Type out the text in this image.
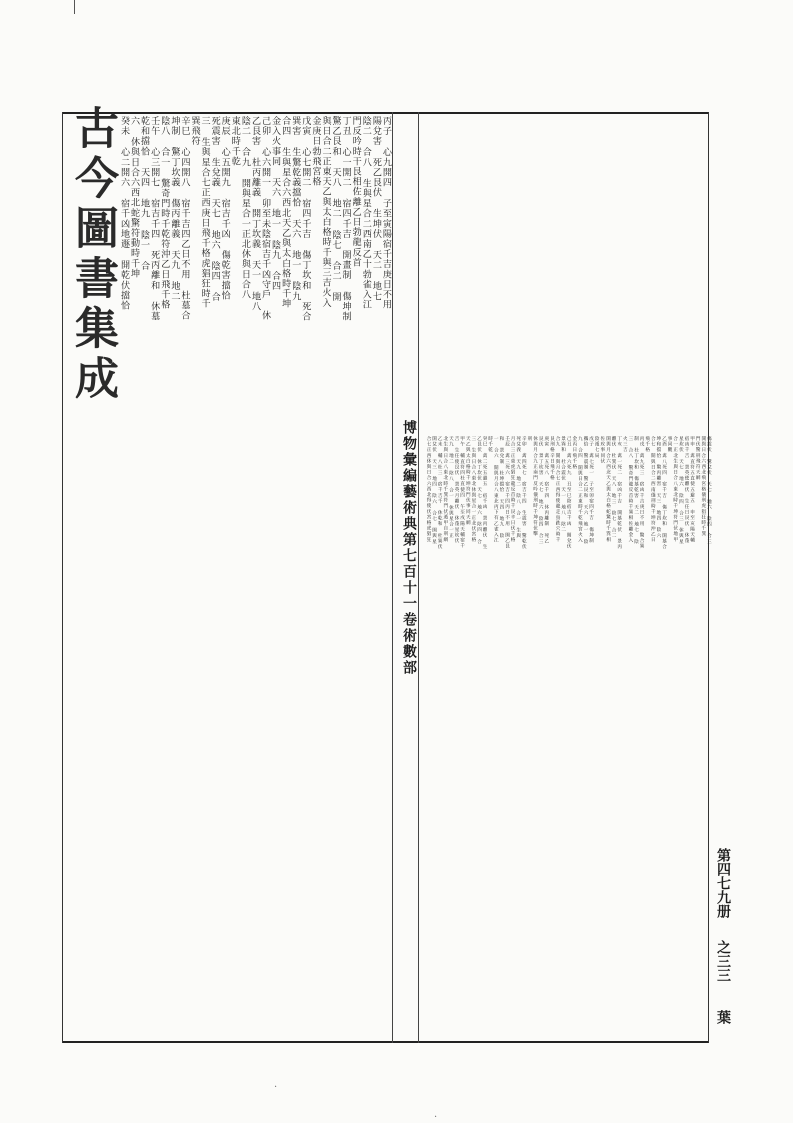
古今圖書集成
博物彙編藝術典第七百十一卷術數部
第四七九册
之三三
葉
丙子 心九開四 子至寅陽宿千吉庚日不用
陽兌害 死乙艮伏 生坤伏 天二 地七
陰二 合八 生與星合二西南乙十勃雀入江
門反吟時干艮相佐離乙日勃龍反首
丁丑 心一開二 宿四千吉 開畫制 傷坤制
驚乙艮和 天八 地二 陰七 合二 開
與日合二正東天乙與太白格時千與三吉火入
金庚日勃飛宮格
戊寅 心七開二 宿四千吉 傷丁坎和 死合
巽害 生驚乾義擋恰 天六 地一 陰九
合四 生與星合六西北天乙與太白格時千坤
金入火事同 天六 地一 陰九 合四
己卯 心六開一 卯至未陰宿吉千凶守戶 休
乙艮害 杜丙離義 開丁坎義 天一 地八
陰二 合九 開與星合一正北休與日合八
東北時千乾
庚辰 心五開九 宿吉千凶 傷乾害擋恰
死震害 生兌義 天七 地六 陰四 合
三 生與星合七正西庚日飛千格虎猖狂時千
巽飛符
辛巳 心四開八 宿千吉四乙日不用 杜墓合
坤制 驚丁坎義 傷丙離義 天九 地二
陰八 合一 驚奇門時千乾符沖乙日飛千格
壬午 心三開七 宿吉千四 死丙離和 休墓
乾和擋恰 天四 地九 陰一 合
六 休與日合六西北蛇驚符動時千坤
癸未 心二開六 宿千凶地遯 開乾伏擋恰
傷震伏 驚兌伏 天七 地六 陰四 合三
開與日合六西北飛宮格儀刑虎猖狂時千巽
門伏驚刑飛符天網
甲申 禽直符五直使五避五 申至亥陽天輔
宿凶千吉 景英使離伏 生任日艮伏 休蓬
星坎伏 天七 地六 陰四 合三 休與星
合一正北生與日合八東北時千坤符門伏地甲
事同觀
乙酉 禽八死四 宿千吉 傷丁坎和 開墓合
坤和擋恰 驚丙離害 天三 地四 陰六
合七 開與日合二西南儀刑時千坤符沖乙日
飛千格
丙戌 禽九死三 宿凶千吉庚日不用 驚合巽
制 杜丁坎和 傷墓乾害 天二 地七 陰
三 合八 驚奇門龍反首時千巽相佐離金入
火三吉
丁亥 禽一死二 宿凶千吉 開墓乾伏 景丙
離伏 杜巽伏 天八 地三 陰七 合二
開與月合六西北天乙與太白格蛇驚時千巽相
佐玫事同伏
陰遁七局
戊子 禽七死一 子至卯宿四千吉 傷坤制
攜恰 驚震制 驚乙艮和 天六 地一 陰
九 合四 開與日合二正東時千乾飛宮火入
金丙日飛千格
己丑 禽六死九 丑至巳陰宿吉千凶 開兌伏
景巽和 杜合震伏 天一 地八 陰二
合九 開與月合七正西得使龍走鳥跌穴時千
艮刑格辛日飛千格
庚寅 禽五死八 宿千四 休丙離制 死乙
艮伏 景丁坎害 天七 地六 陰四 合三
休與月合九正南門反吟儀刑時千坤符伏擊
刑
辛卯 禽四死七 宿吉千四 生震害 驚乾伏
死兌義 天九 地二 陰八 合一 生與
月合三正東虎猖狂龍反首時千艮辛日伏千格
壬辰 禽三死六 宿吉千四丙日不用 開乙艮
和 景兌制 杜坤擋恰 天四 地九 陰
一 合六 開與月合八東北丙下有乙雀入江
時千乾
癸巳 禽二死五避五 宿千凶 景丙離伏 生
乙艮伏 休丁坎伏 天七 地六 陰四 合
三 生與日合八東北休與星合一正北伏宮格
天乙與太白格時千坤符門伏事同天網
甲午 輔直符四杜直使四 午至戌陽天輔宿千
吉 生任使艮伏 景英月離伏 休蓬星坎伏
天九 地二 陰八 合一 休與星合一正
北生與日合八東北時千巽符門伏遁甲自刑網
乙未 輔八杜三 宿千吉千 休乾和 杜巽伏
開兌伏 天三 地四 陰六 合七 開與星
合七正西休與日合六西北得使伏宮格虎猖狂
·
·
